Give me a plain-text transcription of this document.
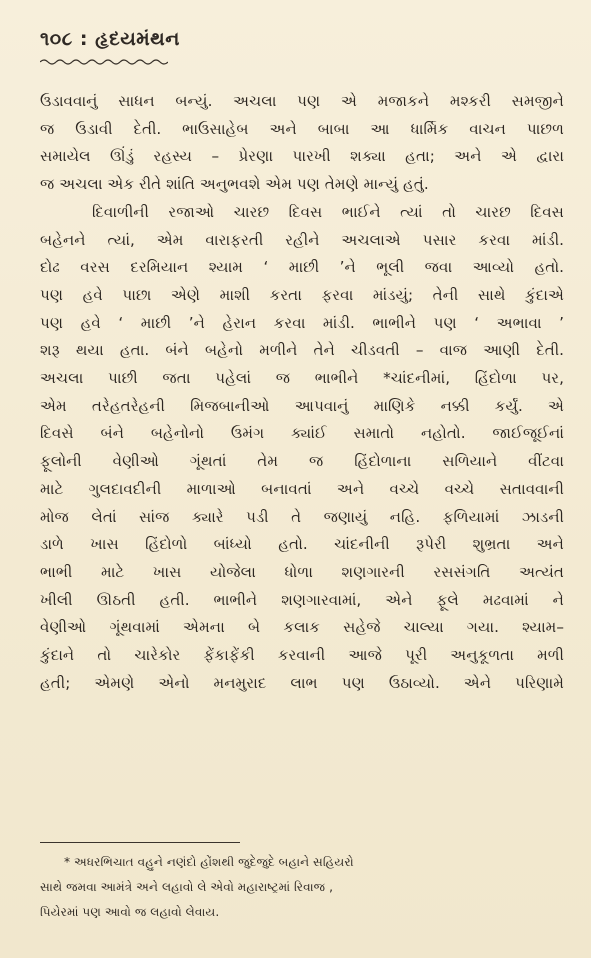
૧૦૮ : હૃદયમંથન
ઉડાવવાનું સાધન બન્યું. અચલા પણ એ મજાકને મશ્કરી સમજીને
જ ઉડાવી દેતી. ભાઉસાહેબ અને બાબા આ ધાર્મિક વાચન પાછળ
સમાયેલ ઊંડું રહસ્ય – પ્રેરણા પારખી શક્યા હતા; અને એ દ્વારા
જ અચલા એક રીતે શાંતિ અનુભવશે એમ પણ તેમણે માન્યું હતું.
દિવાળીની રજાઓ ચારછ દિવસ ભાઈને ત્યાં તો ચારછ દિવસ
બહેનને ત્યાં, એમ વારાફરતી રહીને અચલાએ પસાર કરવા માંડી.
દોઢ વરસ દરમિયાન શ્યામ ‘ માછી ’ને ભૂલી જવા આવ્યો હતો.
પણ હવે પાછા એણે માશી કરતા ફરવા માંડયું; તેની સાથે કુંદાએ
પણ હવે ‘ માછી ’ને હેરાન કરવા માંડી. ભાભીને પણ ‘ અભાવા ’
શરૂ થયા હતા. બંને બહેનો મળીને તેને ચીડવતી – વાજ આણી દેતી.
અચલા પાછી જતા પહેલાં જ ભાભીને *ચાંદનીમાં, હિંદોળા પર,
એમ તરેહતરેહની મિજબાનીઓ આપવાનું માણિકે નક્કી કર્યું. એ
દિવસે બંને બહેનોનો ઉમંગ ક્યાંઈ સમાતો નહોતો. જાઈજૂઈનાં
ફૂલોની વેણીઓ ગૂંથતાં તેમ જ હિંદોળાના સળિયાને વીંટવા
માટે ગુલદાવદીની માળાઓ બનાવતાં અને વચ્ચે વચ્ચે સતાવવાની
મોજ લેતાં સાંજ ક્યારે પડી તે જણાયું નહિ. ફળિયામાં ઝાડની
ડાળે ખાસ હિંદોળો બાંધ્યો હતો. ચાંદનીની રૂપેરી શુભ્રતા અને
ભાભી માટે ખાસ યોજેલા ધોળા શણગારની રસસંગતિ અત્યંત
ખીલી ઊઠતી હતી. ભાભીને શણગારવામાં, એને ફૂલે મઢવામાં ને
વેણીઓ ગૂંથવામાં એમના બે કલાક સહેજે ચાલ્યા ગયા. શ્યામ–
કુંદાને તો ચારેકોર ફેંકાફેંકી કરવાની આજે પૂરી અનુકૂળતા મળી
હતી; એમણે એનો મનમુરાદ લાભ પણ ઉઠાવ્યો. એને પરિણામે
* અધરભિચાત વહુને નણંદો હોંશથી જુદેજુદે બહાને સહિયરો
સાથે જમવા આમંત્રે અને લહાવો લે એવો મહારાષ્ટ્રમાં રિવાજ ,
પિયેરમાં પણ આવો જ લહાવો લેવાય.
